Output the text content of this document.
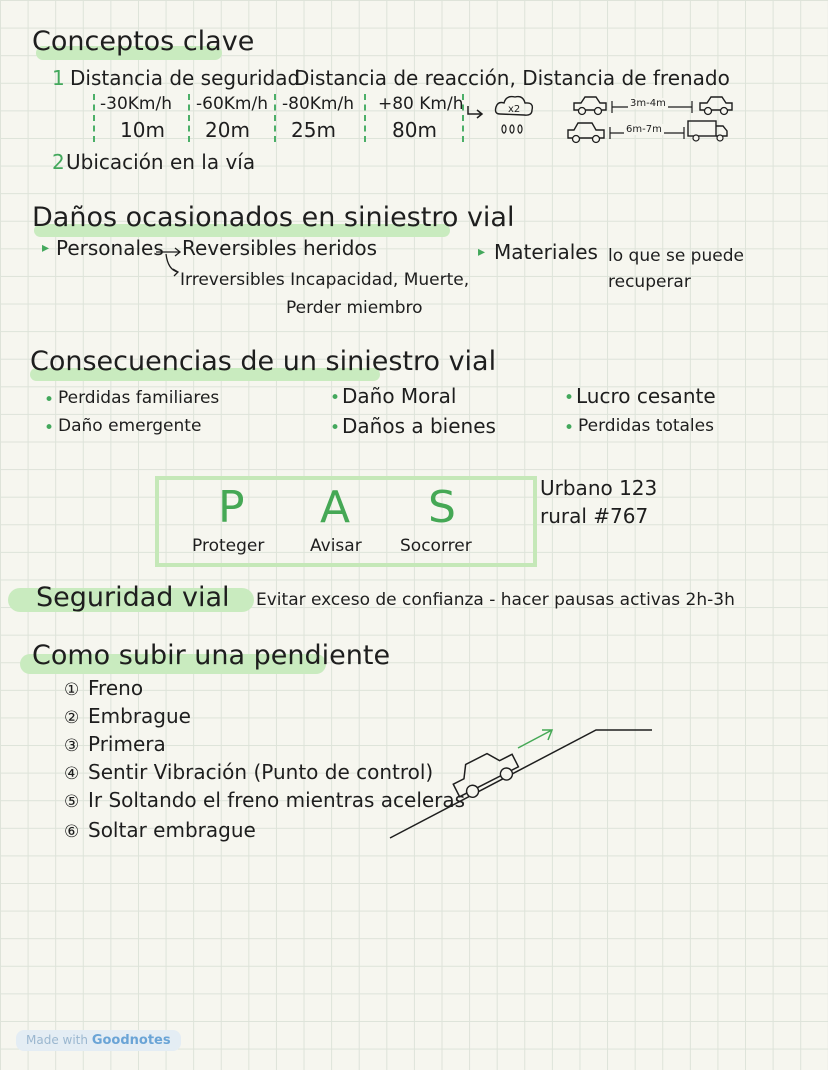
Conceptos clave
1 Distancia de seguridad
Distancia de reacción, Distancia de frenado
-30Km/h -60Km/h -80Km/h +80 Km/h
10m 20m 25m	80m
x2
3m-4m
6m-7m
2 Ubicación en la vía
Daños ocasionados en siniestro vial
▸ Personales Reversibles heridos
Irreversibles Incapacidad, Muerte,
Perder miembro
▸ Materiales lo que se puede
recuperar
Consecuencias de un siniestro vial
• Perdidas familiares
• Daño emergente
• Daño Moral
• Daños a bienes
• Lucro cesante
• Perdidas totales
P A S
Proteger	Avisar Socorrer
Urbano 123
rural #767
Seguridad vial Evitar exceso de confianza - hacer pausas activas 2h-3h
Como subir una pendiente
① Freno
② Embrague
③ Primera
④ Sentir Vibración (Punto de control)
⑤ Ir Soltando el freno mientras aceleras
⑥ Soltar embrague
Made with Goodnotes
